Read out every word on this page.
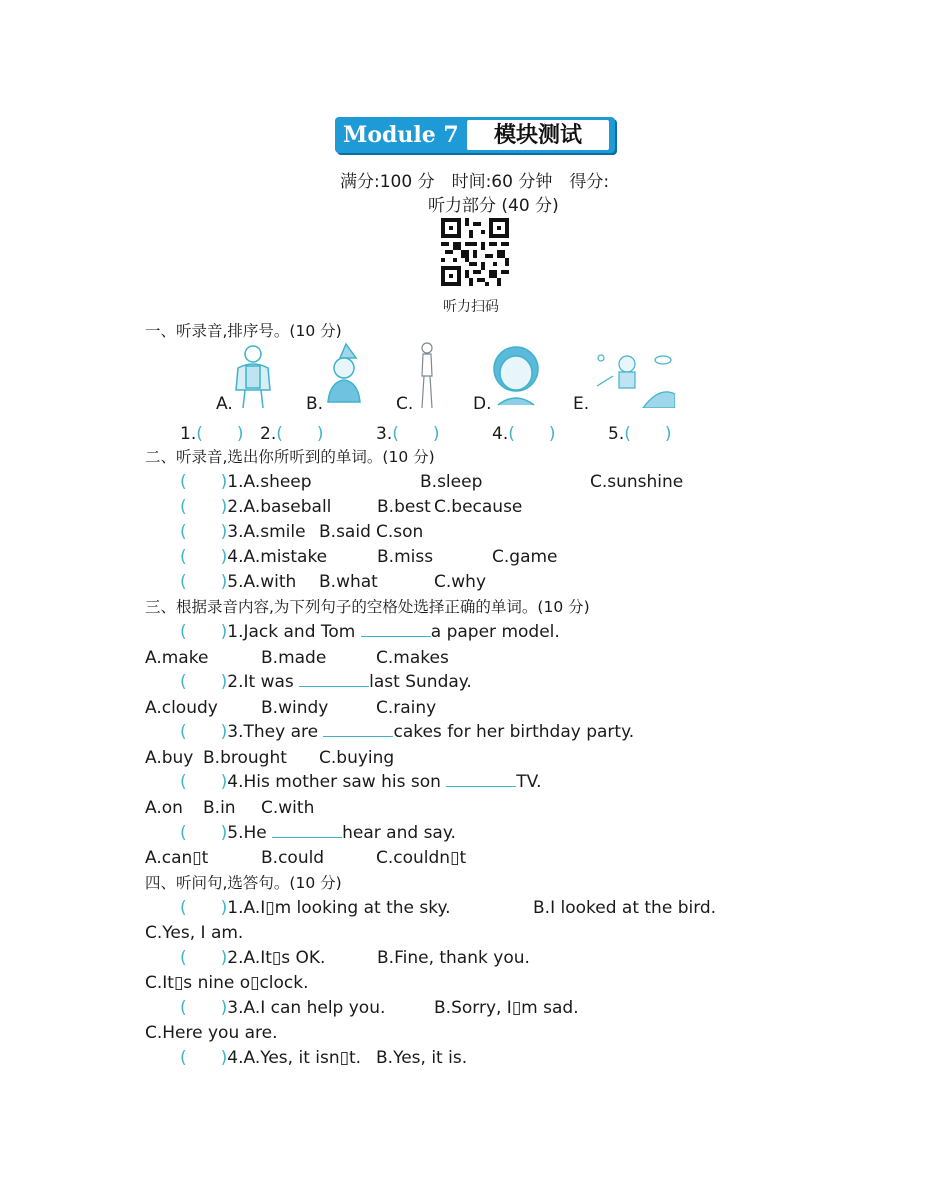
Module 7	模块测试
满分:100 分　时间:60 分钟　得分:
听力部分 (40 分)
听力扫码
一、听录音,排序号。(10 分)
A.	B.	C.	D.	E.
1.(　　) 2.(　　)	3.(　　)	4.(　　)	5.(　　)
二、听录音,选出你所听到的单词。(10 分)
(　　)1.A.sheep	B.sleep	C.sunshine
(　　)2.A.baseball	B.best C.because
(　　)3.A.smile B.said C.son
(　　)4.A.mistake	B.miss	C.game
(　　)5.A.with B.what	C.why
三、根据录音内容,为下列句子的空格处选择正确的单词。(10 分)
(　　)1.Jack and Tom	a paper model.
A.make	B.made	C.makes
(　　)2.It was	last Sunday.
A.cloudy	B.windy	C.rainy
(　　)3.They are	cakes for her birthday party.
A.buy B.brought C.buying
(　　)4.His mother saw his son	TV.
A.on B.in C.with
(　　)5.He	hear and say.
A.can▯t	B.could	C.couldn▯t
四、听问句,选答句。(10 分)
(　　)1.A.I▯m looking at the sky.	B.I looked at the bird.
C.Yes, I am.
(　　)2.A.It▯s OK.	B.Fine, thank you.
C.It▯s nine o▯clock.
(　　)3.A.I can help you.	B.Sorry, I▯m sad.
C.Here you are.
(　　)4.A.Yes, it isn▯t. B.Yes, it is.
